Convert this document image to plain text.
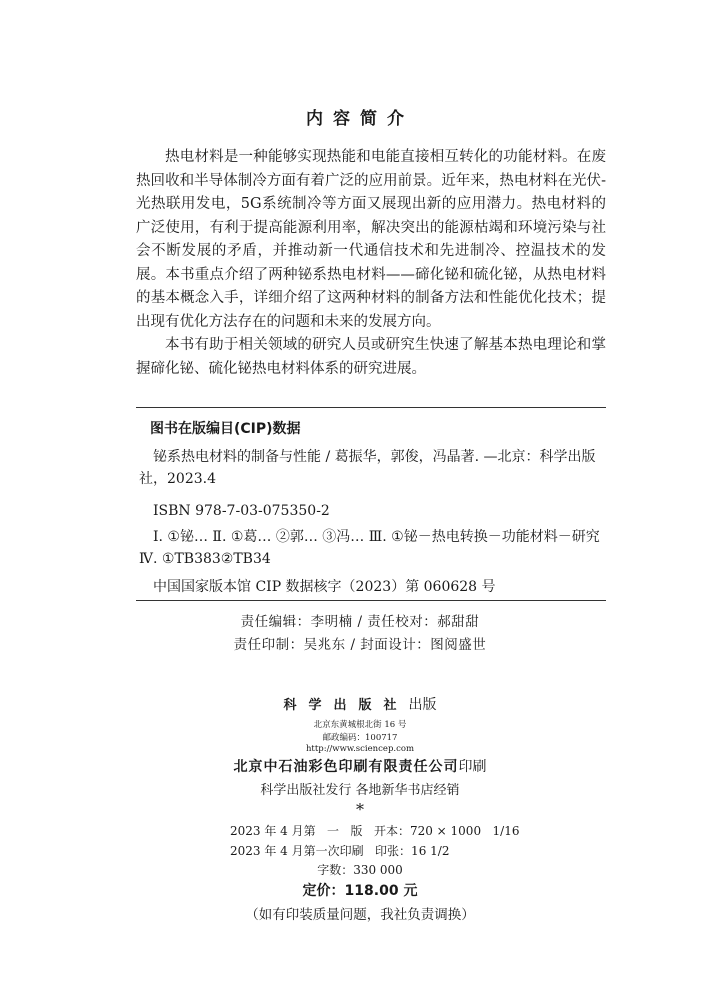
内容简介

热电材料是一种能够实现热能和电能直接相互转化的功能材料。在废热回收和半导体制冷方面有着广泛的应用前景。近年来，热电材料在光伏-光热联用发电，5G系统制冷等方面又展现出新的应用潜力。热电材料的广泛使用，有利于提高能源利用率，解决突出的能源枯竭和环境污染与社会不断发展的矛盾，并推动新一代通信技术和先进制冷、控温技术的发展。本书重点介绍了两种铋系热电材料——碲化铋和硫化铋，从热电材料的基本概念入手，详细介绍了这两种材料的制备方法和性能优化技术；提出现有优化方法存在的问题和未来的发展方向。

本书有助于相关领域的研究人员或研究生快速了解基本热电理论和掌握碲化铋、硫化铋热电材料体系的研究进展。

图书在版编目(CIP)数据
铋系热电材料的制备与性能 / 葛振华，郭俊，冯晶著. —北京：科学出版社，2023.4
ISBN 978-7-03-075350-2
Ⅰ. ①铋… Ⅱ. ①葛… ②郭… ③冯… Ⅲ. ①铋－热电转换－功能材料－研究 Ⅳ. ①TB383②TB34
中国国家版本馆 CIP 数据核字（2023）第 060628 号
责任编辑：李明楠 / 责任校对：郝甜甜
责任印制：吴兆东 / 封面设计：图阅盛世
科学出版社出版
北京东黄城根北街 16 号
邮政编码：100717
http://www.sciencep.com
北京中石油彩色印刷有限责任公司印刷
科学出版社发行 各地新华书店经销
*
2023 年 4 月第   一   版   开本：720 × 1000   1/16
2023 年 4 月第一次印刷   印张：16 1/2
字数：330 000
定价：118.00 元
（如有印装质量问题，我社负责调换）
